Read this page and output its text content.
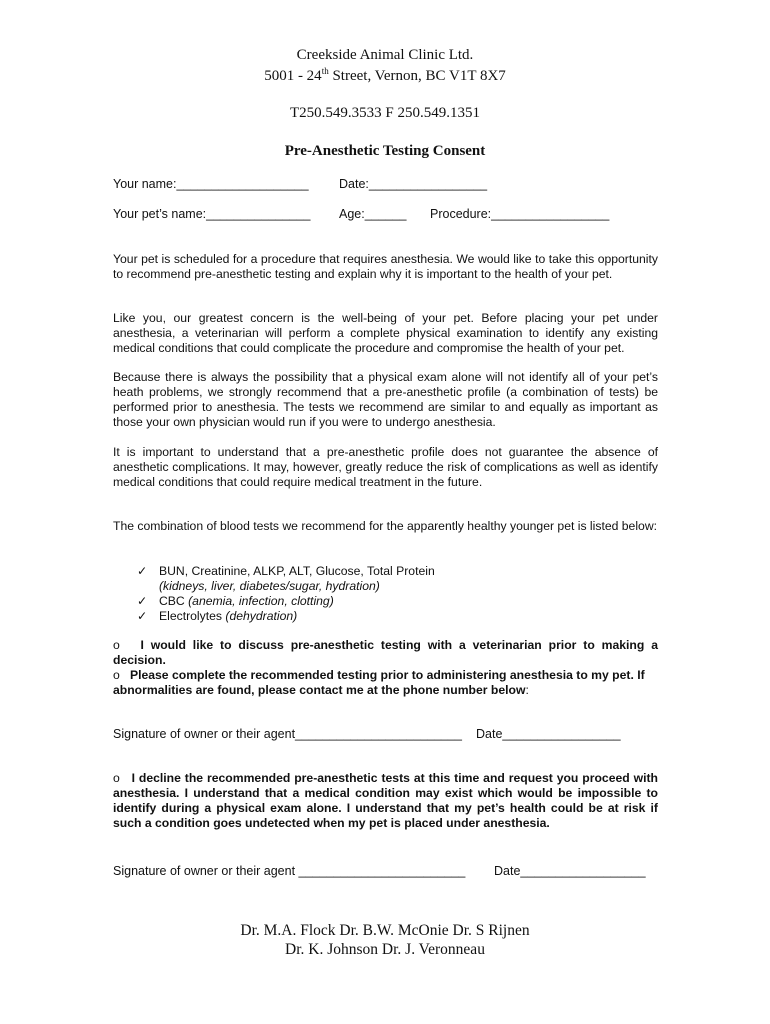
Creekside Animal Clinic Ltd.
5001 - 24th Street, Vernon, BC V1T 8X7
T250.549.3533 F 250.549.1351
Pre-Anesthetic Testing Consent
Your name:___________________ Date:_________________
Your pet’s name:_______________ Age:______ Procedure:_________________
Your pet is scheduled for a procedure that requires anesthesia. We would like to take this opportunity to recommend pre-anesthetic testing and explain why it is important to the health of your pet.
Like you, our greatest concern is the well-being of your pet. Before placing your pet under anesthesia, a veterinarian will perform a complete physical examination to identify any existing medical conditions that could complicate the procedure and compromise the health of your pet.
Because there is always the possibility that a physical exam alone will not identify all of your pet’s heath problems, we strongly recommend that a pre-anesthetic profile (a combination of tests) be performed prior to anesthesia. The tests we recommend are similar to and equally as important as those your own physician would run if you were to undergo anesthesia.
It is important to understand that a pre-anesthetic profile does not guarantee the absence of anesthetic complications. It may, however, greatly reduce the risk of complications as well as identify medical conditions that could require medical treatment in the future.
The combination of blood tests we recommend for the apparently healthy younger pet is listed below:
✓ BUN, Creatinine, ALKP, ALT, Glucose, Total Protein
(kidneys, liver, diabetes/sugar, hydration)
✓ CBC (anemia, infection, clotting)
✓ Electrolytes (dehydration)
o I would like to discuss pre-anesthetic testing with a veterinarian prior to making a decision.
o Please complete the recommended testing prior to administering anesthesia to my pet. If abnormalities are found, please contact me at the phone number below:
Signature of owner or their agent________________________ Date_________________
o I decline the recommended pre-anesthetic tests at this time and request you proceed with anesthesia. I understand that a medical condition may exist which would be impossible to identify during a physical exam alone. I understand that my pet’s health could be at risk if such a condition goes undetected when my pet is placed under anesthesia.
Signature of owner or their agent ________________________ Date__________________
Dr. M.A. Flock Dr. B.W. McOnie Dr. S Rijnen
Dr. K. Johnson Dr. J. Veronneau
